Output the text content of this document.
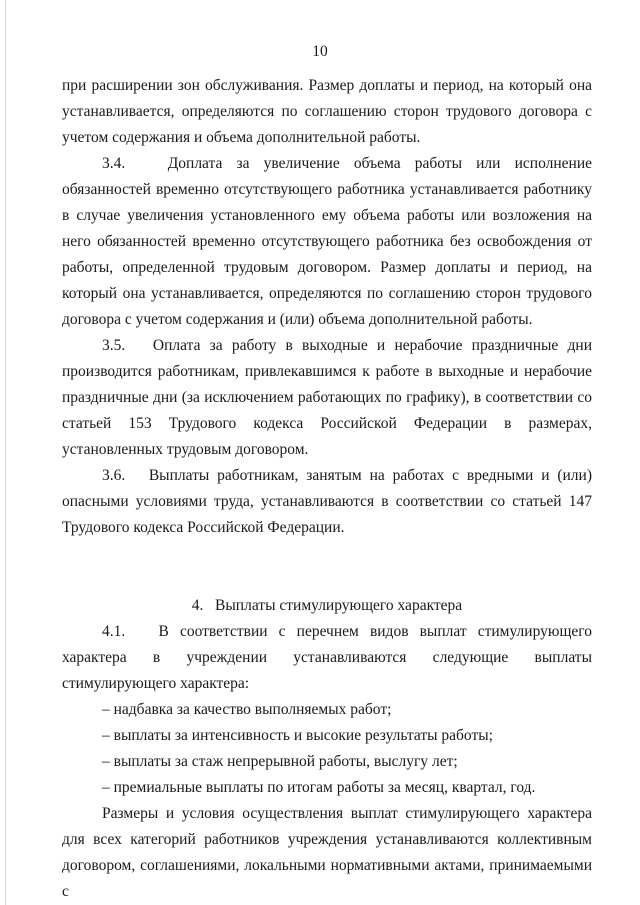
10

при расширении зон обслуживания. Размер доплаты и период, на который она устанавливается, определяются по соглашению сторон трудового договора с учетом содержания и объема дополнительной работы.

3.4.   Доплата за увеличение объема работы или исполнение обязанностей временно отсутствующего работника устанавливается работнику в случае увеличения установленного ему объема работы или возложения на него обязанностей временно отсутствующего работника без освобождения от работы, определенной трудовым договором. Размер доплаты и период, на который она устанавливается, определяются по соглашению сторон трудового договора с учетом содержания и (или) объема дополнительной работы.

3.5.   Оплата за работу в выходные и нерабочие праздничные дни производится работникам, привлекавшимся к работе в выходные и нерабочие праздничные дни (за исключением работающих по графику), в соответствии со статьей 153 Трудового кодекса Российской Федерации в размерах, установленных трудовым договором.

3.6.   Выплаты работникам, занятым на работах с вредными и (или) опасными условиями труда, устанавливаются в соответствии со статьей 147 Трудового кодекса Российской Федерации.

4.   Выплаты стимулирующего характера

4.1.   В соответствии с перечнем видов выплат стимулирующего характера в учреждении устанавливаются следующие выплаты стимулирующего характера:

– надбавка за качество выполняемых работ;

– выплаты за интенсивность и высокие результаты работы;

– выплаты за стаж непрерывной работы, выслугу лет;

– премиальные выплаты по итогам работы за месяц, квартал, год.

Размеры и условия осуществления выплат стимулирующего характера для всех категорий работников учреждения устанавливаются коллективным договором, соглашениями, локальными нормативными актами, принимаемыми с
